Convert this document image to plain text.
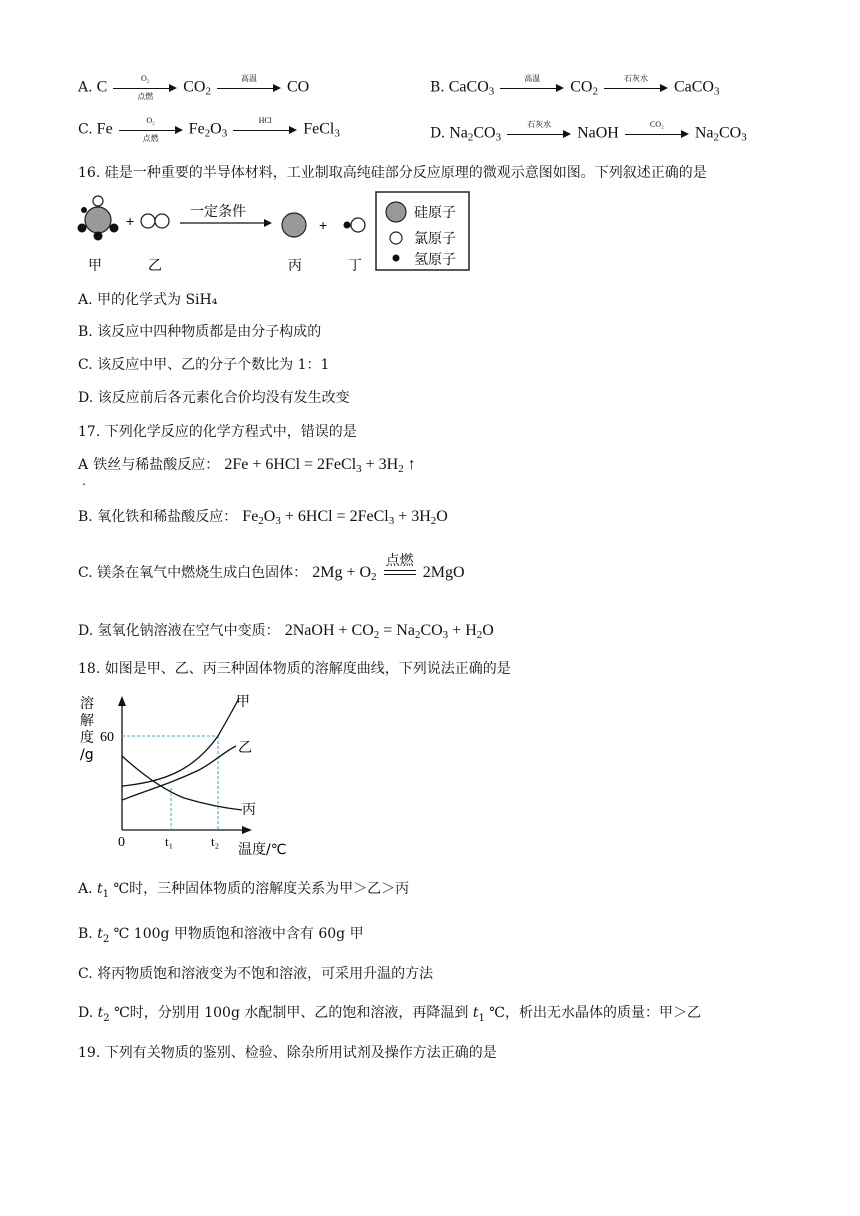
A. C
O₂
点燃
$CO_2$
高温
CO	B. CaCO$_3$
高温
$CO_2$
石灰水
CaCO$_3$
C. Fe
O₂
点燃
$Fe_2O_3$
HCl
FeCl$_3$	D. $Na_2CO_3$
石灰水
NaOH
CO₂
$Na_2CO_3$
16. 硅是一种重要的半导体材料，工业制取高纯硅部分反应原理的微观示意图如图。下列叙述正确的是
+
一定条件
+
硅原子
氯原子
氢原子
甲	乙	丙	丁
A. 甲的化学式为 SiH₄
B. 该反应中四种物质都是由分子构成的
C. 该反应中甲、乙的分子个数比为 1：1
D. 该反应前后各元素化合价均没有发生改变
17. 下列化学反应的化学方程式中，错误的是
A 铁丝与稀盐酸反应： 2Fe + 6HCl = 2FeCl$_3$ + $3H_2$ ↑
.
B. 氧化铁和稀盐酸反应： $Fe_2O_3 + 6HCl$ = 2FeCl$_3$ + $3H_2O$
C. 镁条在氧气中燃烧生成白色固体： $2Mg + O_2$
点燃
2MgO
D. 氢氧化钠溶液在空气中变质： 2NaOH + $CO_2 = Na_2CO_3 + H_2O$
18. 如图是甲、乙、丙三种固体物质的溶解度曲线，下列说法正确的是
溶
解
度
/g
60
0	t₁	t₂
温度/℃
甲
乙
丙
A. $t_1$ ℃时，三种固体物质的溶解度关系为甲＞乙＞丙
B. $t_2$ ℃ 100g 甲物质饱和溶液中含有 60g 甲
C. 将丙物质饱和溶液变为不饱和溶液，可采用升温的方法
D. $t_2$ ℃时，分别用 100g 水配制甲、乙的饱和溶液，再降温到 $t_1$ ℃，析出无水晶体的质量：甲＞乙
19. 下列有关物质的鉴别、检验、除杂所用试剂及操作方法正确的是
